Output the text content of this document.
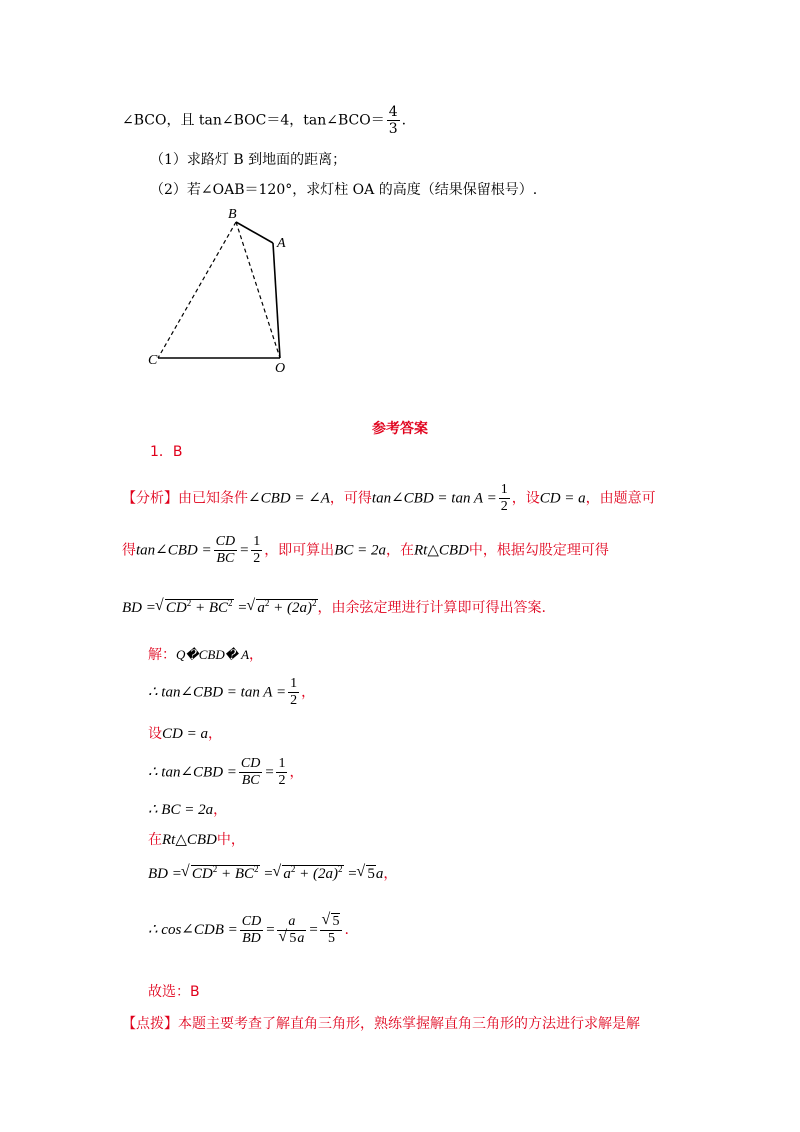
∠BCO，且 tan∠BOC＝4，tan∠BCO＝ $\frac{4}{3}$ .
（1）求路灯 B 到地面的距离；
（2）若∠OAB＝120°，求灯柱 OA 的高度（结果保留根号）.
B
A
C
O
参考答案
1．B
【分析】由已知条件∠CBD = ∠A，可得tan∠CBD = $\tan A = \frac{1}{2}$ ，设CD = a，由题意可
得tan∠CBD = $\frac{CD}{BC} = \frac{1}{2}$ ，即可算出BC = 2a，在Rt△CBD中，根据勾股定理可得
BD = √ $CD^2 + BC^2$ = √ $a^2 + (2a)^2$，由余弦定理进行计算即可得出答案.
解：Q�CBD� A，
∴ tan∠CBD = $\tan A = \frac{1}{2}$ ，
设CD = a，
∴ tan∠CBD = $\frac{CD}{BC} = \frac{1}{2}$ ，
∴ BC = 2a，
在Rt△CBD中，
BD = √ $CD^2 + BC^2$ = √ $a^2 + (2a)^2$ = √ 5a，
∴ cos∠CDB = $\frac{CD}{BD} = a$
√ 5a = √ $\frac{5}{5}$ .
故选：B
【点拨】本题主要考查了解直角三角形，熟练掌握解直角三角形的方法进行求解是解
